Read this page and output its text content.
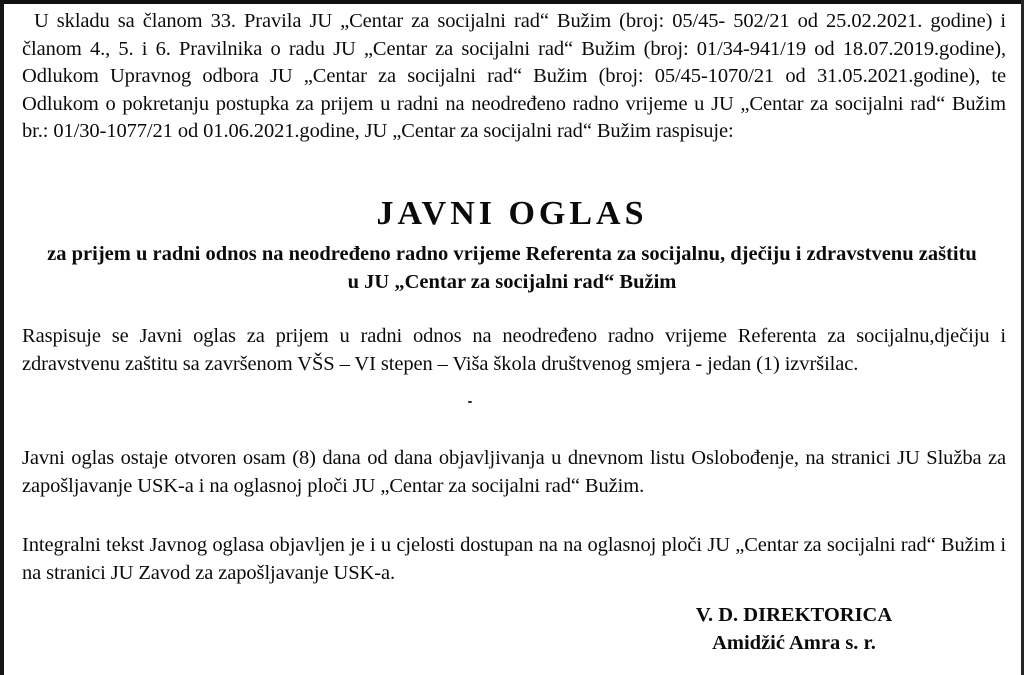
U skladu sa članom 33. Pravila JU „Centar za socijalni rad“ Bužim (broj: 05/45- 502/21 od 25.02.2021. godine) i članom 4., 5. i 6. Pravilnika o radu JU „Centar za socijalni rad“ Bužim (broj: 01/34-941/19 od 18.07.2019.godine), Odlukom Upravnog odbora JU „Centar za socijalni rad“ Bužim (broj: 05/45-1070/21 od 31.05.2021.godine), te Odlukom o pokretanju postupka za prijem u radni na neodređeno radno vrijeme u JU „Centar za socijalni rad“ Bužim br.: 01/30-1077/21 od 01.06.2021.godine, JU „Centar za socijalni rad“ Bužim raspisuje:
JAVNI OGLAS
za prijem u radni odnos na neodređeno radno vrijeme Referenta za socijalnu, dječiju i zdravstvenu zaštitu u JU „Centar za socijalni rad“ Bužim
Raspisuje se Javni oglas za prijem u radni odnos na neodređeno radno vrijeme Referenta za socijalnu,dječiju i zdravstvenu zaštitu sa završenom VŠS – VI stepen – Viša škola društvenog smjera - jedan (1) izvršilac.
Javni oglas ostaje otvoren osam (8) dana od dana objavljivanja u dnevnom listu Oslobođenje, na stranici JU Služba za zapošljavanje USK-a i na oglasnoj ploči JU „Centar za socijalni rad“ Bužim.
Integralni tekst Javnog oglasa objavljen je i u cjelosti dostupan na na oglasnoj ploči JU „Centar za socijalni rad“ Bužim i na stranici JU Zavod za zapošljavanje USK-a.
V. D. DIREKTORICA
Amidžić Amra s. r.
